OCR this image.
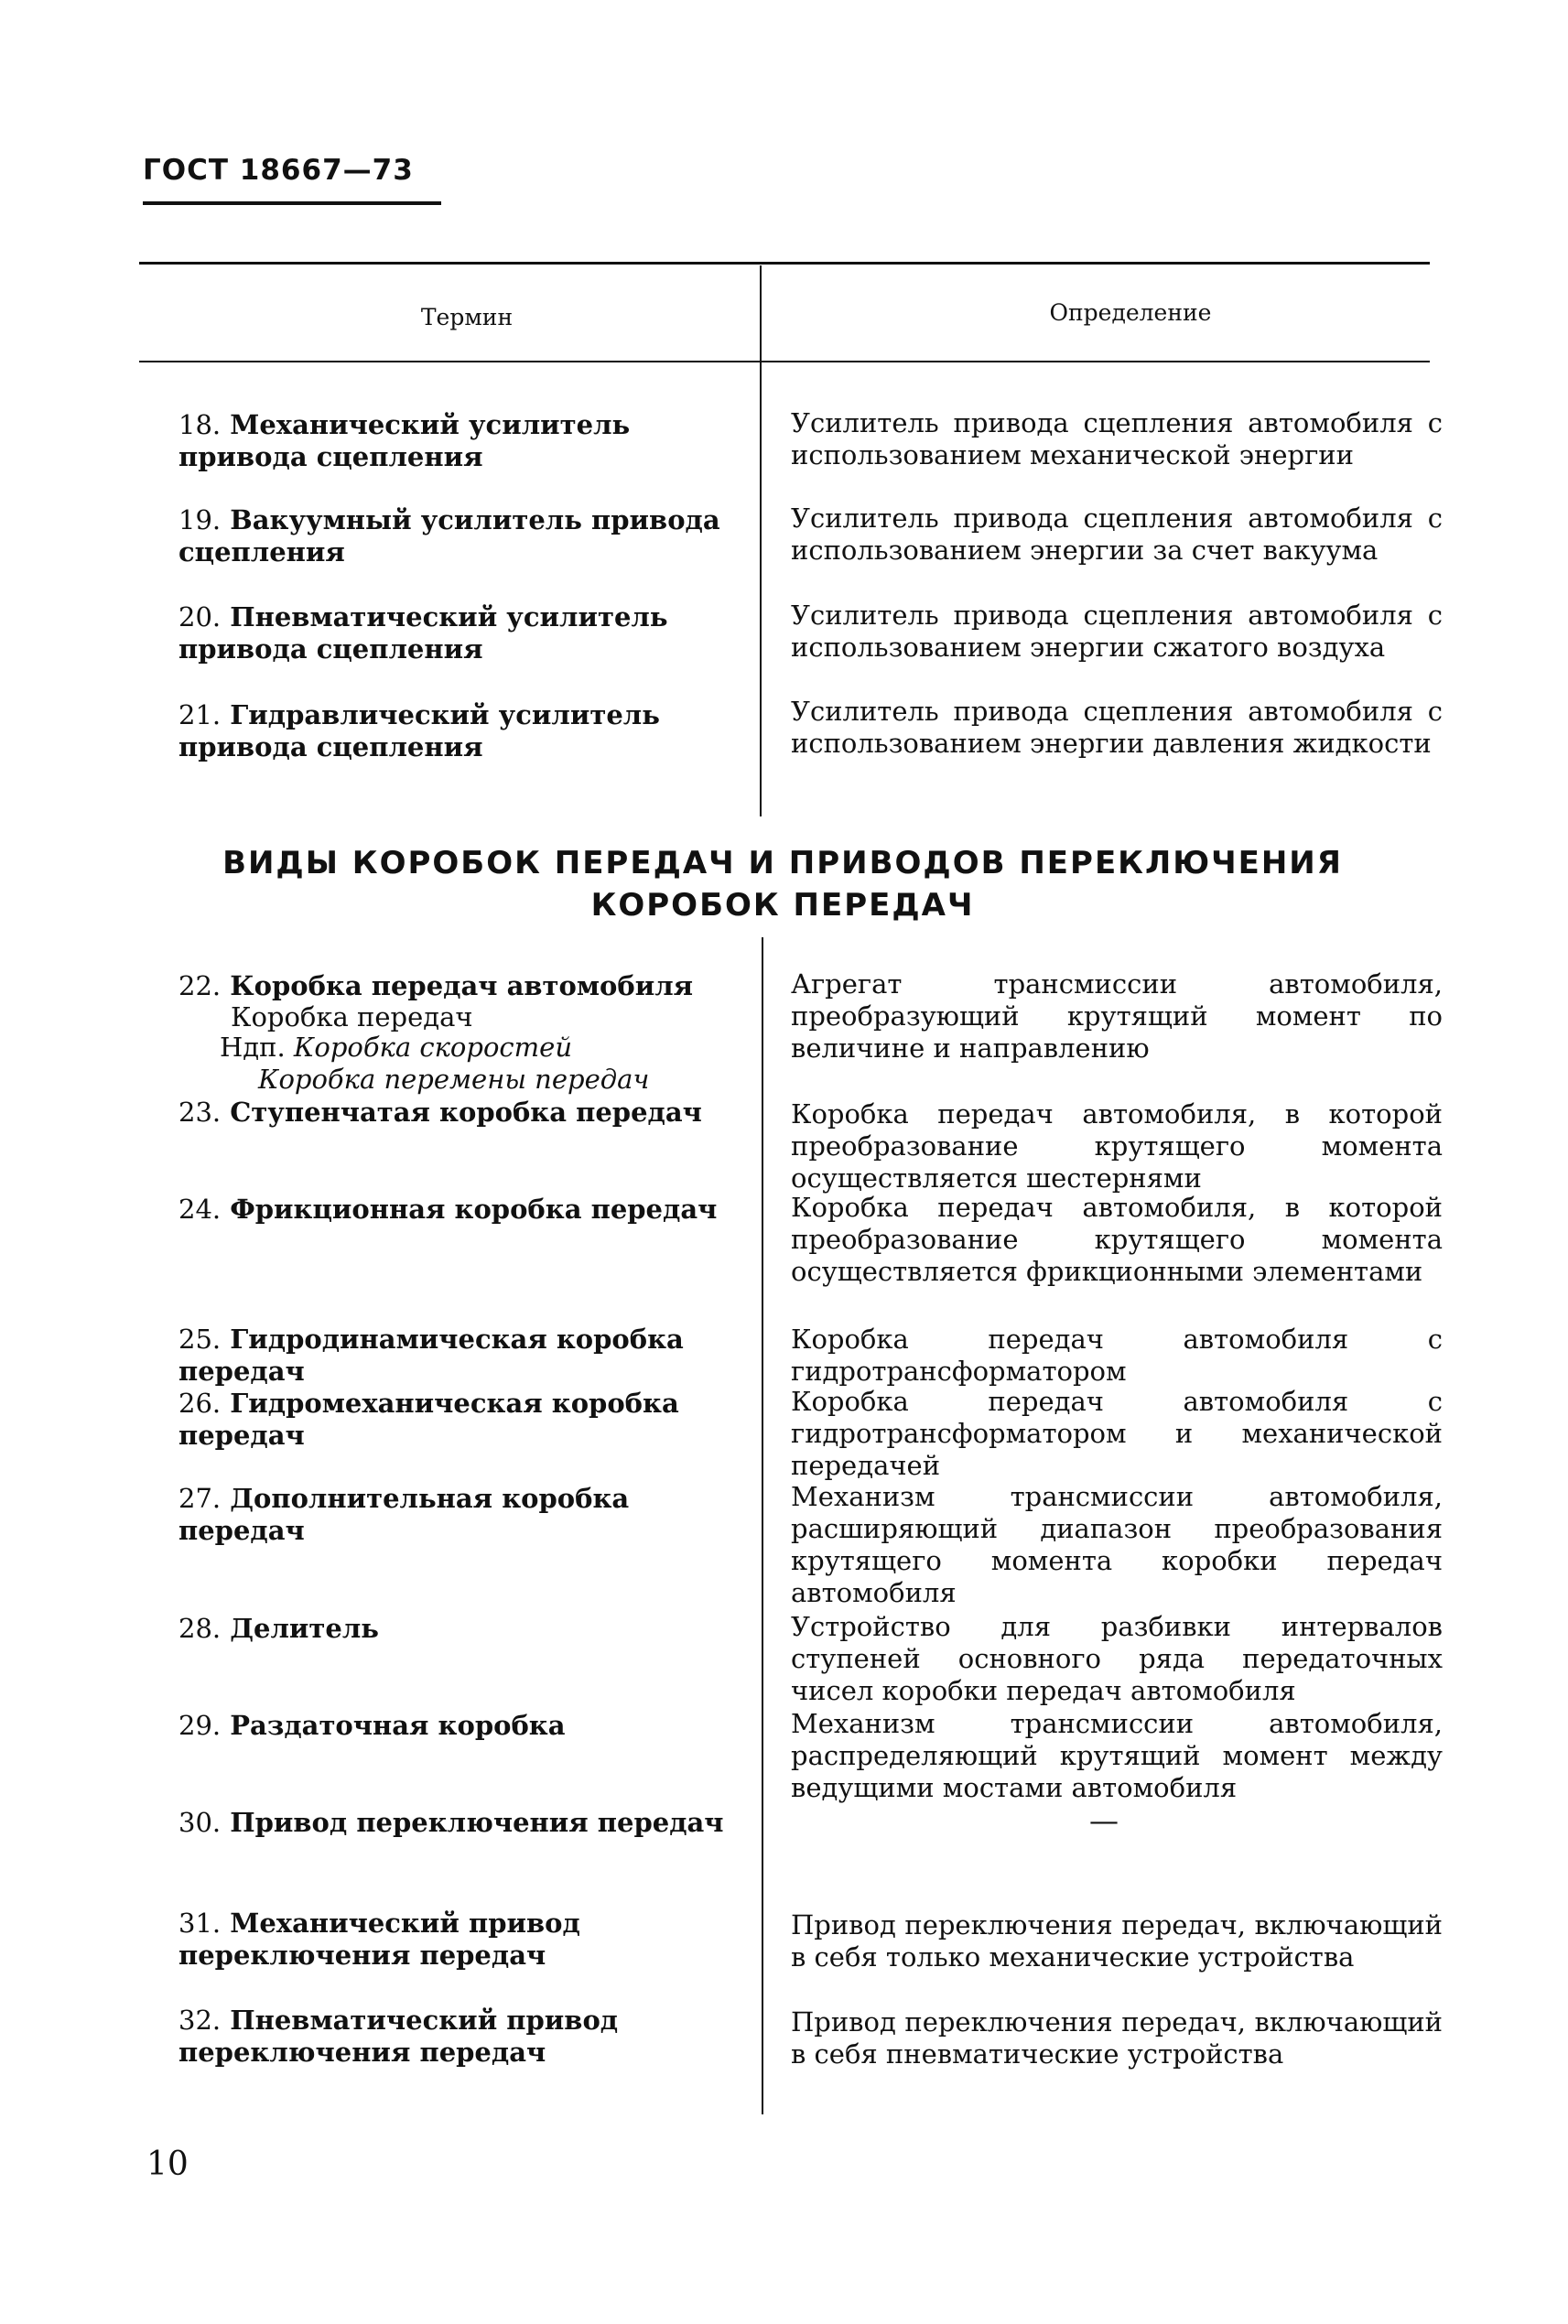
ГОСТ 18667—73
Термин	Определение
18. Механический усилитель привода сцепления
Усилитель привода сцепления автомобиля с использованием механической энергии
19. Вакуумный усилитель привода сцепления
Усилитель привода сцепления автомобиля с использованием энергии за счет вакуума
20. Пневматический усилитель привода сцепления
Усилитель привода сцепления автомобиля с использованием энергии сжатого воздуха
21. Гидравлический усилитель привода сцепления
Усилитель привода сцепления автомобиля с использованием энергии давления жидкости
ВИДЫ КОРОБОК ПЕРЕДАЧ И ПРИВОДОВ ПЕРЕКЛЮЧЕНИЯ
КОРОБОК ПЕРЕДАЧ
22. Коробка передач автомобиля
Коробка передач
Ндп. Коробка скоростей
Коробка перемены передач
Агрегат трансмиссии автомобиля, преобразующий крутящий момент по величине и направлению
23. Ступенчатая коробка передач	Коробка передач автомобиля, в которой преобразование крутящего момента осуществляется шестернями
24. Фрикционная коробка передач	Коробка передач автомобиля, в которой преобразование крутящего момента осуществляется фрикционными элементами
25. Гидродинамическая коробка передач
Коробка передач автомобиля с гидротрансформатором
26. Гидромеханическая коробка передач
Коробка передач автомобиля с гидротрансформатором и механической передачей
27. Дополнительная коробка передач
Механизм трансмиссии автомобиля, расширяющий диапазон преобразования крутящего момента коробки передач автомобиля
28. Делитель	Устройство для разбивки интервалов ступеней основного ряда передаточных чисел коробки передач автомобиля
29. Раздаточная коробка	Механизм трансмиссии автомобиля, распределяющий крутящий момент между ведущими мостами автомобиля
30. Привод переключения передач	—
31. Механический привод переключения передач
Привод переключения передач, включающий в себя только механические устройства
32. Пневматический привод переключения передач
Привод переключения передач, включающий в себя пневматические устройства
10
